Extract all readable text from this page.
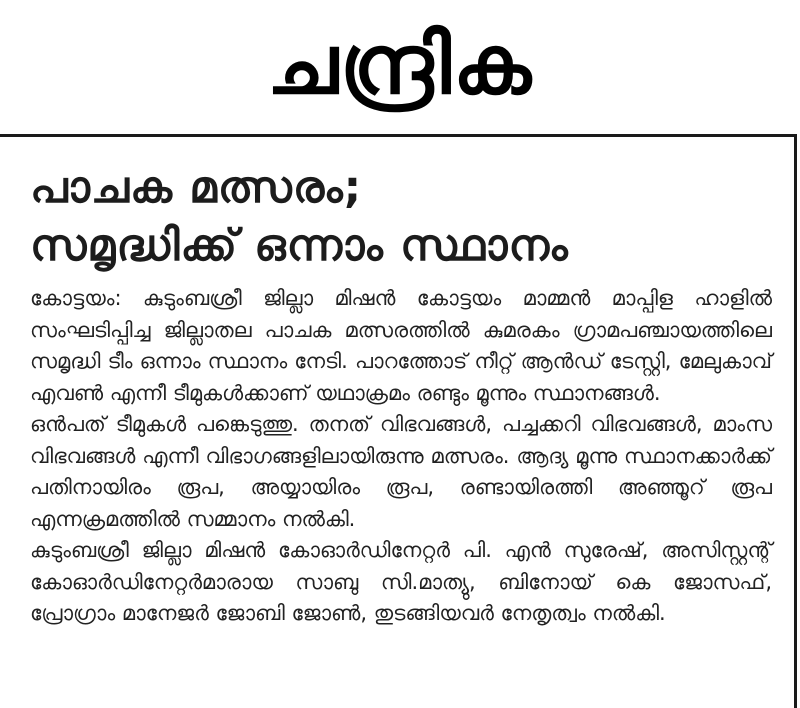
ചന്ദ്രിക
പാചക മത്സരം;
സമൃദ്ധിക്ക് ഒന്നാം സ്ഥാനം

കോട്ടയം: കുടുംബശ്രീ ജില്ലാ മിഷൻ കോട്ടയം മാമ്മൻ മാപ്പിള ഹാളിൽ സംഘടിപ്പിച്ച ജില്ലാതല പാചക മത്സരത്തിൽ കുമരകം ഗ്രാമപഞ്ചായത്തിലെ സമൃദ്ധി ടീം ഒന്നാം സ്ഥാനം നേടി. പാറത്തോട് നീറ്റ് ആൻഡ് ടേസ്റ്റി, മേലുകാവ് എവൺ എന്നീ ടീമുകൾക്കാണ് യഥാക്രമം രണ്ടും മൂന്നും സ്ഥാനങ്ങൾ.

ഒൻപത് ടീമുകൾ പങ്കെടുത്തു. തനത് വിഭവങ്ങൾ, പച്ചക്കറി വിഭവങ്ങൾ, മാംസ വിഭവങ്ങൾ എന്നീ വിഭാഗങ്ങളിലായിരുന്നു മത്സരം. ആദ്യ മൂന്നു സ്ഥാനക്കാർക്ക് പതിനായിരം രൂപ, അയ്യായിരം രൂപ, രണ്ടായിരത്തി അഞ്ഞൂറ് രൂപ എന്നക്രമത്തിൽ സമ്മാനം നൽകി.

കുടുംബശ്രീ ജില്ലാ മിഷൻ കോഓർഡിനേറ്റർ പി. എൻ സുരേഷ്, അസിസ്റ്റന്റ് കോഓർഡിനേറ്റർമാരായ സാബു സി.മാത്യു, ബിനോയ് കെ ജോസഫ്, പ്രോഗ്രാം മാനേജർ ജോബി ജോൺ, തുടങ്ങിയവർ നേതൃത്വം നൽകി.
